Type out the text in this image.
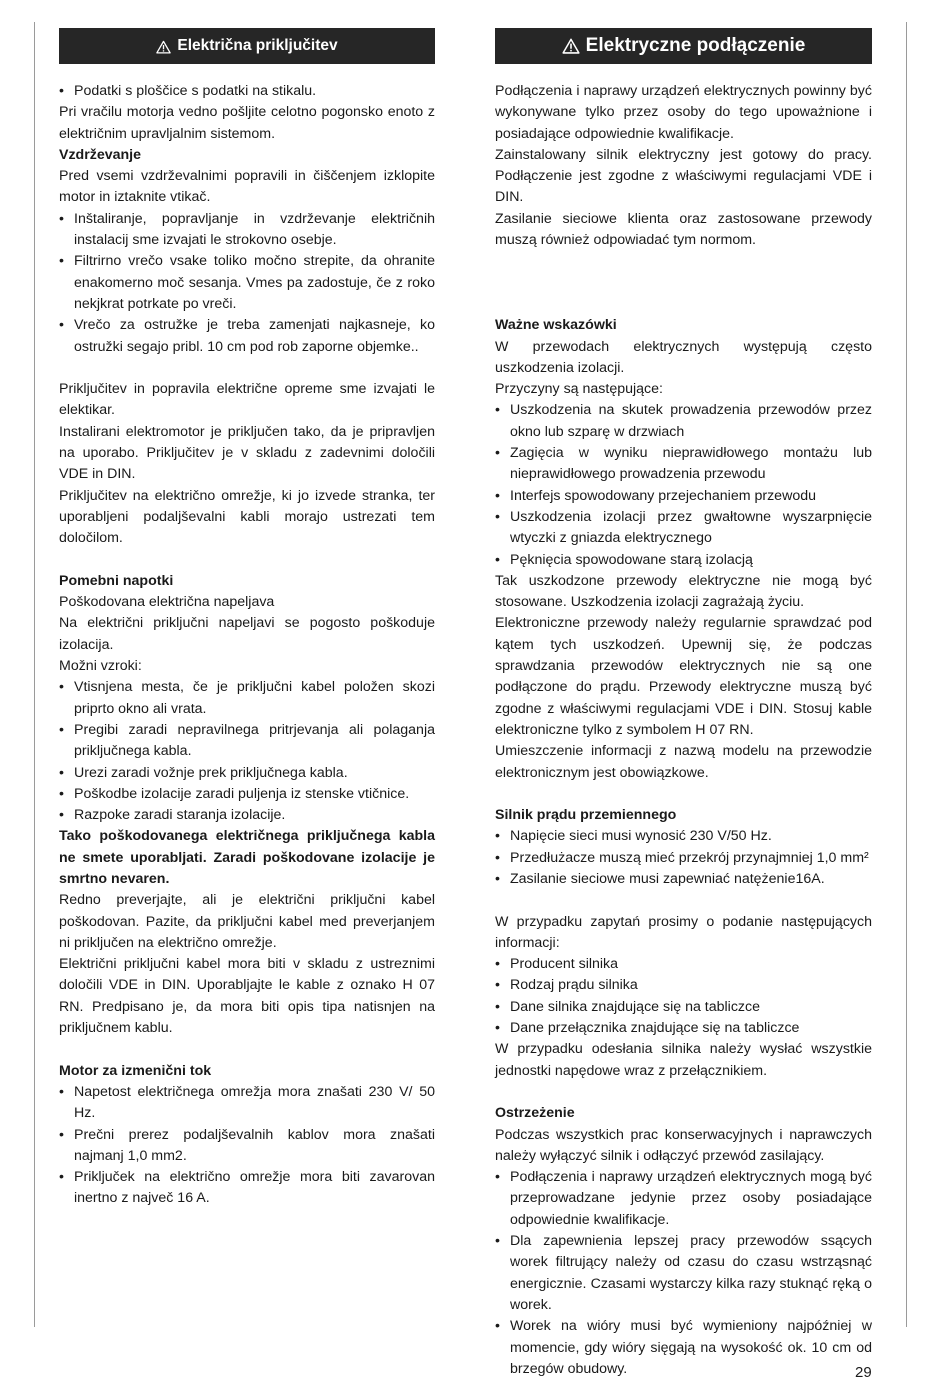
Električna priključitev
• Podatki s ploščice s podatki na stikalu.

Pri vračilu motorja vedno pošljite celotno pogonsko enoto z električnim upravljalnim sistemom.

Vzdrževanje

Pred vsemi vzdrževalnimi popravili in čiščenjem izklopite motor in iztaknite vtikač.

• Inštaliranje, popravljanje in vzdrževanje električnih instalacij sme izvajati le strokovno osebje.
• Filtrirno vrečo vsake toliko močno strepite, da ohranite enakomerno moč sesanja. Vmes pa zadostuje, če z roko nekjkrat potrkate po vreči.
• Vrečo za ostružke je treba zamenjati najkasneje, ko ostružki segajo pribl. 10 cm pod rob zaporne objemke..

Priključitev in popravila električne opreme sme izvajati le elektikar.

Instalirani elektromotor je priključen tako, da je pripravljen na uporabo. Priključitev je v skladu z zadevnimi določili VDE in DIN.

Priključitev na električno omrežje, ki jo izvede stranka, ter uporabljeni podaljševalni kabli morajo ustrezati tem določilom.

Pomebni napotki

Poškodovana električna napeljava

Na električni priključni napeljavi se pogosto poškoduje izolacija.

Možni vzroki:

• Vtisnjena mesta, če je priključni kabel položen skozi priprto okno ali vrata.
• Pregibi zaradi nepravilnega pritrjevanja ali polaganja priključnega kabla.
• Urezi zaradi vožnje prek priključnega kabla.
• Poškodbe izolacije zaradi puljenja iz stenske vtičnice.
• Razpoke zaradi staranja izolacije.

Tako poškodovanega električnega priključnega kabla ne smete uporabljati. Zaradi poškodovane izolacije je smrtno nevaren.

Redno preverjajte, ali je električni priključni kabel poškodovan. Pazite, da priključni kabel med preverjanjem ni priključen na električno omrežje.

Električni priključni kabel mora biti v skladu z ustreznimi določili VDE in DIN. Uporabljajte le kable z oznako H 07 RN. Predpisano je, da mora biti opis tipa natisnjen na priključnem kablu.

Motor za izmenični tok

• Napetost električnega omrežja mora znašati 230 V/ 50 Hz.
• Prečni prerez podaljševalnih kablov mora znašati najmanj 1,0 mm2.
• Priključek na električno omrežje mora biti zavarovan inertno z največ 16 A.
Elektryczne podłączenie

Podłączenia i naprawy urządzeń elektrycznych powinny być wykonywane tylko przez osoby do tego upoważnione i posiadające odpowiednie kwalifikacje.

Zainstalowany silnik elektryczny jest gotowy do pracy. Podłączenie jest zgodne z właściwymi regulacjami VDE i DIN.

Zasilanie sieciowe klienta oraz zastosowane przewody muszą również odpowiadać tym normom.

Ważne wskazówki

W przewodach elektrycznych występują często uszkodzenia izolacji.

Przyczyny są następujące:

• Uszkodzenia na skutek prowadzenia przewodów przez okno lub szparę w drzwiach
• Zagięcia w wyniku nieprawidłowego montażu lub nieprawidłowego prowadzenia przewodu
• Interfejs spowodowany przejechaniem przewodu
• Uszkodzenia izolacji przez gwałtowne wyszarpnięcie wtyczki z gniazda elektrycznego
• Pęknięcia spowodowane starą izolacją

Tak uszkodzone przewody elektryczne nie mogą być stosowane. Uszkodzenia izolacji zagrażają życiu.

Elektroniczne przewody należy regularnie sprawdzać pod kątem tych uszkodzeń. Upewnij się, że podczas sprawdzania przewodów elektrycznych nie są one podłączone do prądu. Przewody elektryczne muszą być zgodne z właściwymi regulacjami VDE i DIN. Stosuj kable elektroniczne tylko z symbolem H 07 RN.

Umieszczenie informacji z nazwą modelu na przewodzie elektronicznym jest obowiązkowe.

Silnik prądu przemiennego

• Napięcie sieci musi wynosić 230 V/50 Hz.
• Przedłużacze muszą mieć przekrój przynajmniej 1,0 mm²
• Zasilanie sieciowe musi zapewniać natężenie16A.

W przypadku zapytań prosimy o podanie następujących informacji:

• Producent silnika
• Rodzaj prądu silnika
• Dane silnika znajdujące się na tabliczce
• Dane przełącznika znajdujące się na tabliczce

W przypadku odesłania silnika należy wysłać wszystkie jednostki napędowe wraz z przełącznikiem.

Ostrzeżenie

Podczas wszystkich prac konserwacyjnych i naprawczych należy wyłączyć silnik i odłączyć przewód zasilający.

• Podłączenia i naprawy urządzeń elektrycznych mogą być przeprowadzane jedynie przez osoby posiadające odpowiednie kwalifikacje.
• Dla zapewnienia lepszej pracy przewodów ssących worek filtrujący należy od czasu do czasu wstrząsnąć energicznie. Czasami wystarczy kilka razy stuknąć ręką o worek.
• Worek na wióry musi być wymieniony najpóźniej w momencie, gdy wióry sięgają na wysokość ok. 10 cm od brzegów obudowy.	29
